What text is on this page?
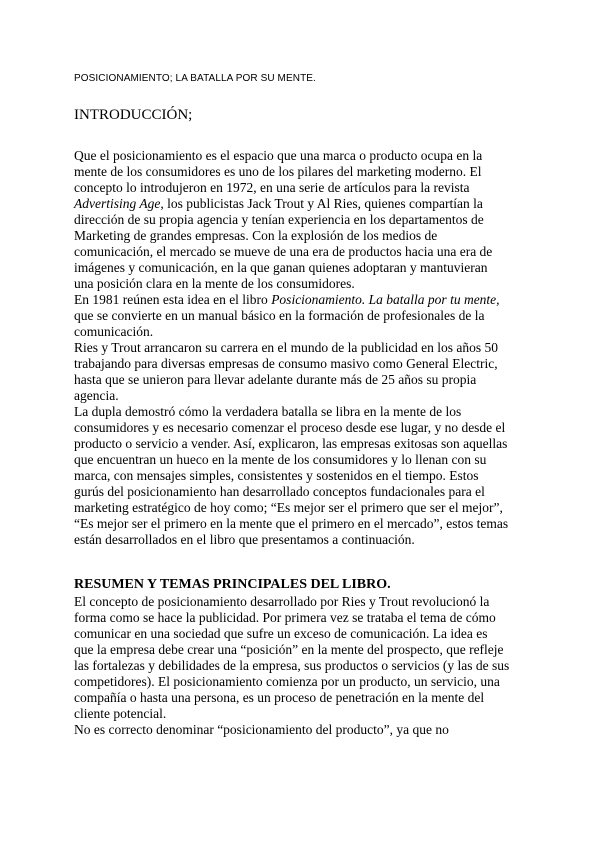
POSICIONAMIENTO; LA BATALLA POR SU MENTE.
INTRODUCCIÓN;

Que el posicionamiento es el espacio que una marca o producto ocupa en la
mente de los consumidores es uno de los pilares del marketing moderno. El
concepto lo introdujeron en 1972, en una serie de artículos para la revista
Advertising Age, los publicistas Jack Trout y Al Ries, quienes compartían la
dirección de su propia agencia y tenían experiencia en los departamentos de
Marketing de grandes empresas. Con la explosión de los medios de
comunicación, el mercado se mueve de una era de productos hacia una era de
imágenes y comunicación, en la que ganan quienes adoptaran y mantuvieran
una posición clara en la mente de los consumidores.

En 1981 reúnen esta idea en el libro Posicionamiento. La batalla por tu mente,
que se convierte en un manual básico en la formación de profesionales de la
comunicación.

Ries y Trout arrancaron su carrera en el mundo de la publicidad en los años 50
trabajando para diversas empresas de consumo masivo como General Electric,
hasta que se unieron para llevar adelante durante más de 25 años su propia
agencia.

La dupla demostró cómo la verdadera batalla se libra en la mente de los
consumidores y es necesario comenzar el proceso desde ese lugar, y no desde el
producto o servicio a vender. Así, explicaron, las empresas exitosas son aquellas
que encuentran un hueco en la mente de los consumidores y lo llenan con su
marca, con mensajes simples, consistentes y sostenidos en el tiempo. Estos
gurús del posicionamiento han desarrollado conceptos fundacionales para el
marketing estratégico de hoy como; “Es mejor ser el primero que ser el mejor”,
“Es mejor ser el primero en la mente que el primero en el mercado”, estos temas
están desarrollados en el libro que presentamos a continuación.

RESUMEN Y TEMAS PRINCIPALES DEL LIBRO.

El concepto de posicionamiento desarrollado por Ries y Trout revolucionó la
forma como se hace la publicidad. Por primera vez se trataba el tema de cómo
comunicar en una sociedad que sufre un exceso de comunicación. La idea es
que la empresa debe crear una “posición” en la mente del prospecto, que refleje
las fortalezas y debilidades de la empresa, sus productos o servicios (y las de sus
competidores). El posicionamiento comienza por un producto, un servicio, una
compañía o hasta una persona, es un proceso de penetración en la mente del
cliente potencial.

No es correcto denominar “posicionamiento del producto”, ya que no
